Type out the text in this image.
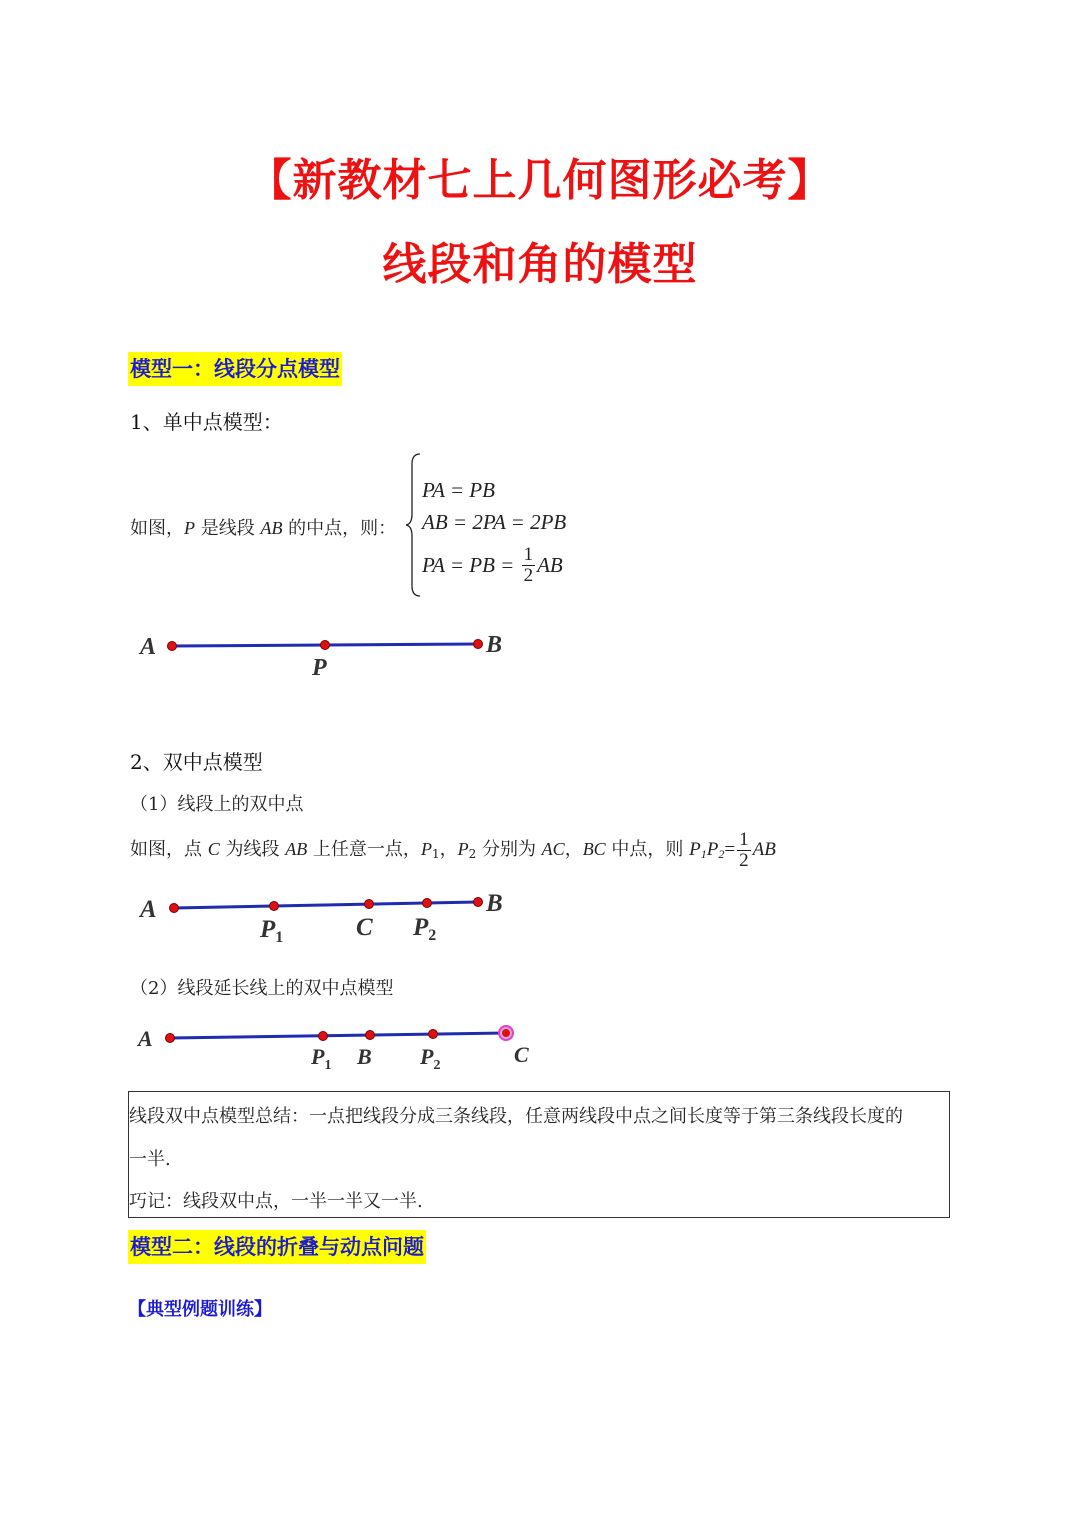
【新教材七上几何图形必考】
线段和角的模型
模型一：线段分点模型
1、单中点模型：
如图，P 是线段 AB 的中点，则：
PA = PB
AB = 2PA = 2PB
PA = PB = $\frac{1}{2}$ AB
A	B
P
2、双中点模型
（1）线段上的双中点
如图，点 C 为线段 AB 上任意一点，$P_1$，$P_2$ 分别为 AC，BC 中点，则 $P_1P_2= \frac{1}{2}$ AB
A	B
$P_1$	C $P_2$
（2）线段延长线上的双中点模型
A
$P_1$ B $P_2$	C
线段双中点模型总结：一点把线段分成三条线段，任意两线段中点之间长度等于第三条线段长度的
一半.
巧记：线段双中点，一半一半又一半.
模型二：线段的折叠与动点问题
【典型例题训练】
